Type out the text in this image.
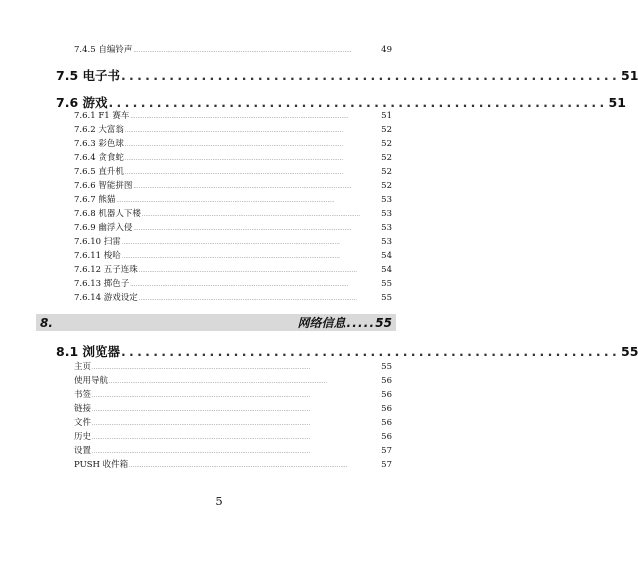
7.4.5 自编铃声 ..........................................................................................................................	49
7.5 电子书 .............................................................. 51
7.6 游戏 .............................................................. 51
7.6.1 F1 赛车 ..........................................................................................................................	51
7.6.2 大富翁 ..........................................................................................................................	52
7.6.3 彩色球 ..........................................................................................................................	52
7.6.4 贪食蛇 ..........................................................................................................................	52
7.6.5 直升机 ..........................................................................................................................	52
7.6.6 智能拼图 ..........................................................................................................................	52
7.6.7 熊猫 ..........................................................................................................................	53
7.6.8 机器人下楼 ..........................................................................................................................	53
7.6.9 幽浮入侵 ..........................................................................................................................	53
7.6.10 扫雷 ..........................................................................................................................	53
7.6.11 梭哈 ..........................................................................................................................	54
7.6.12 五子连珠 ..........................................................................................................................	54
7.6.13 掷色子 ..........................................................................................................................	55
7.6.14 游戏设定 ..........................................................................................................................	55
8.	网络信息 ..... 55
8.1 浏览器 .............................................................. 55
主页 ..........................................................................................................................	55
使用导航 ..........................................................................................................................	56
书签 ..........................................................................................................................	56
链接 ..........................................................................................................................	56
文件 ..........................................................................................................................	56
历史 ..........................................................................................................................	56
设置 ..........................................................................................................................	57
PUSH 收件箱 ..........................................................................................................................	57
5
